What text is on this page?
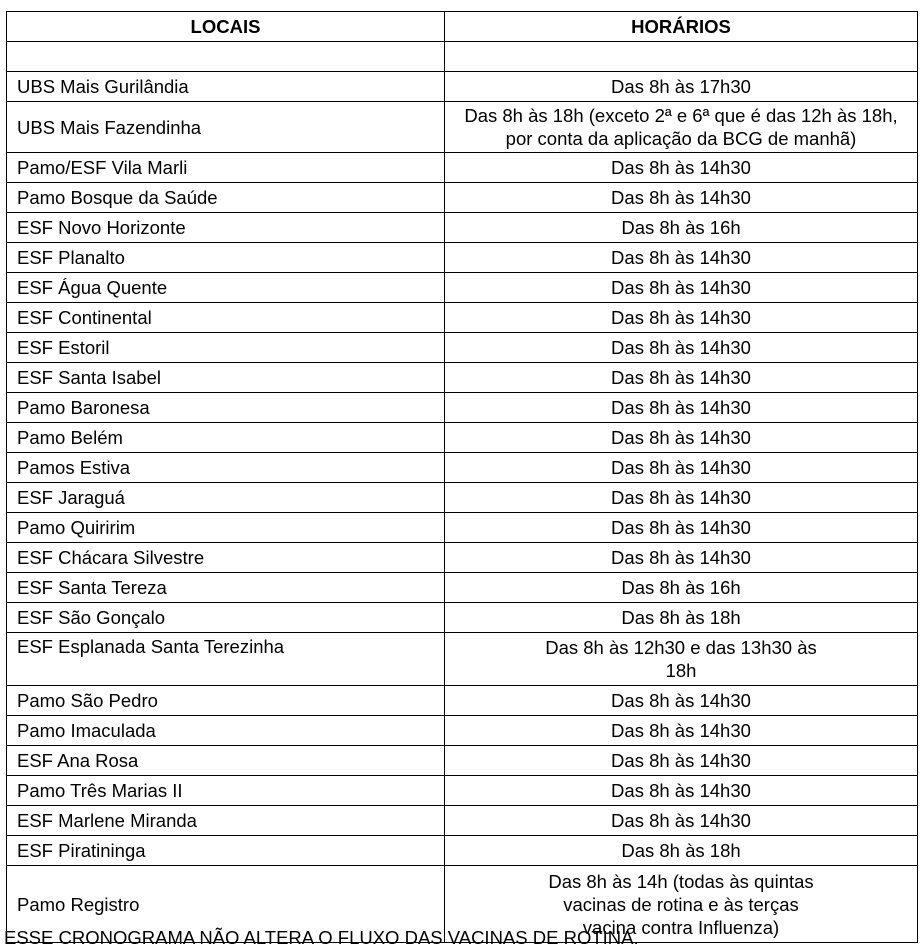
LOCAIS	HORÁRIOS

UBS Mais Gurilândia	Das 8h às 17h30
UBS Mais Fazendinha	Das 8h às 18h (exceto 2ª e 6ª que é das 12h às 18h, por conta da aplicação da BCG de manhã)
Pamo/ESF Vila Marli	Das 8h às 14h30
Pamo Bosque da Saúde	Das 8h às 14h30
ESF Novo Horizonte	Das 8h às 16h
ESF Planalto	Das 8h às 14h30
ESF Água Quente	Das 8h às 14h30
ESF Continental	Das 8h às 14h30
ESF Estoril	Das 8h às 14h30
ESF Santa Isabel	Das 8h às 14h30
Pamo Baronesa	Das 8h às 14h30
Pamo Belém	Das 8h às 14h30
Pamos Estiva	Das 8h às 14h30
ESF Jaraguá	Das 8h às 14h30
Pamo Quiririm	Das 8h às 14h30
ESF Chácara Silvestre	Das 8h às 14h30
ESF Santa Tereza	Das 8h às 16h
ESF São Gonçalo	Das 8h às 18h
ESF Esplanada Santa Terezinha	Das 8h às 12h30 e das 13h30 às
18h
Pamo São Pedro	Das 8h às 14h30
Pamo Imaculada	Das 8h às 14h30
ESF Ana Rosa	Das 8h às 14h30
Pamo Três Marias II	Das 8h às 14h30
ESF Marlene Miranda	Das 8h às 14h30
ESF Piratininga	Das 8h às 18h
Pamo Registro	Das 8h às 14h (todas às quintas
vacinas de rotina e às terças
vacina contra Influenza)
ESSE CRONOGRAMA NÃO ALTERA O FLUXO DAS VACINAS DE ROTINA.
